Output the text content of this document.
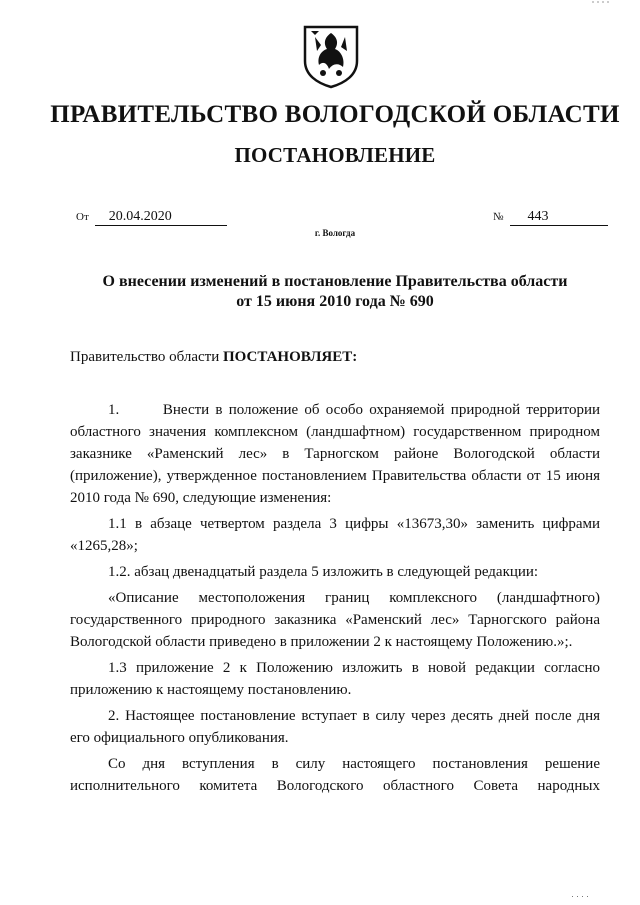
ПРАВИТЕЛЬСТВО ВОЛОГОДСКОЙ ОБЛАСТИ
ПОСТАНОВЛЕНИЕ
От 20.04.2020	№ 443
г. Вологда
О внесении изменений в постановление Правительства области
от 15 июня 2010 года № 690

Правительство области ПОСТАНОВЛЯЕТ:

1.	Внести в положение об особо охраняемой природной территории областного значения комплексном (ландшафтном) государственном природном заказнике «Раменский лес» в Тарногском районе Вологодской области (приложение), утвержденное постановлением Правительства области от 15 июня 2010 года № 690, следующие изменения:

1.1 в абзаце четвертом раздела 3 цифры «13673,30» заменить цифрами «1265,28»;

1.2. абзац двенадцатый раздела 5 изложить в следующей редакции:

«Описание местоположения границ комплексного (ландшафтного) государственного природного заказника «Раменский лес» Тарногского района Вологодской области приведено в приложении 2 к настоящему Положению.»;.

1.3 приложение 2 к Положению изложить в новой редакции согласно приложению к настоящему постановлению.

2. Настоящее постановление вступает в силу через десять дней после дня его официального опубликования.

Со дня вступления в силу настоящего постановления решение исполнительного комитета Вологодского областного Совета народных
